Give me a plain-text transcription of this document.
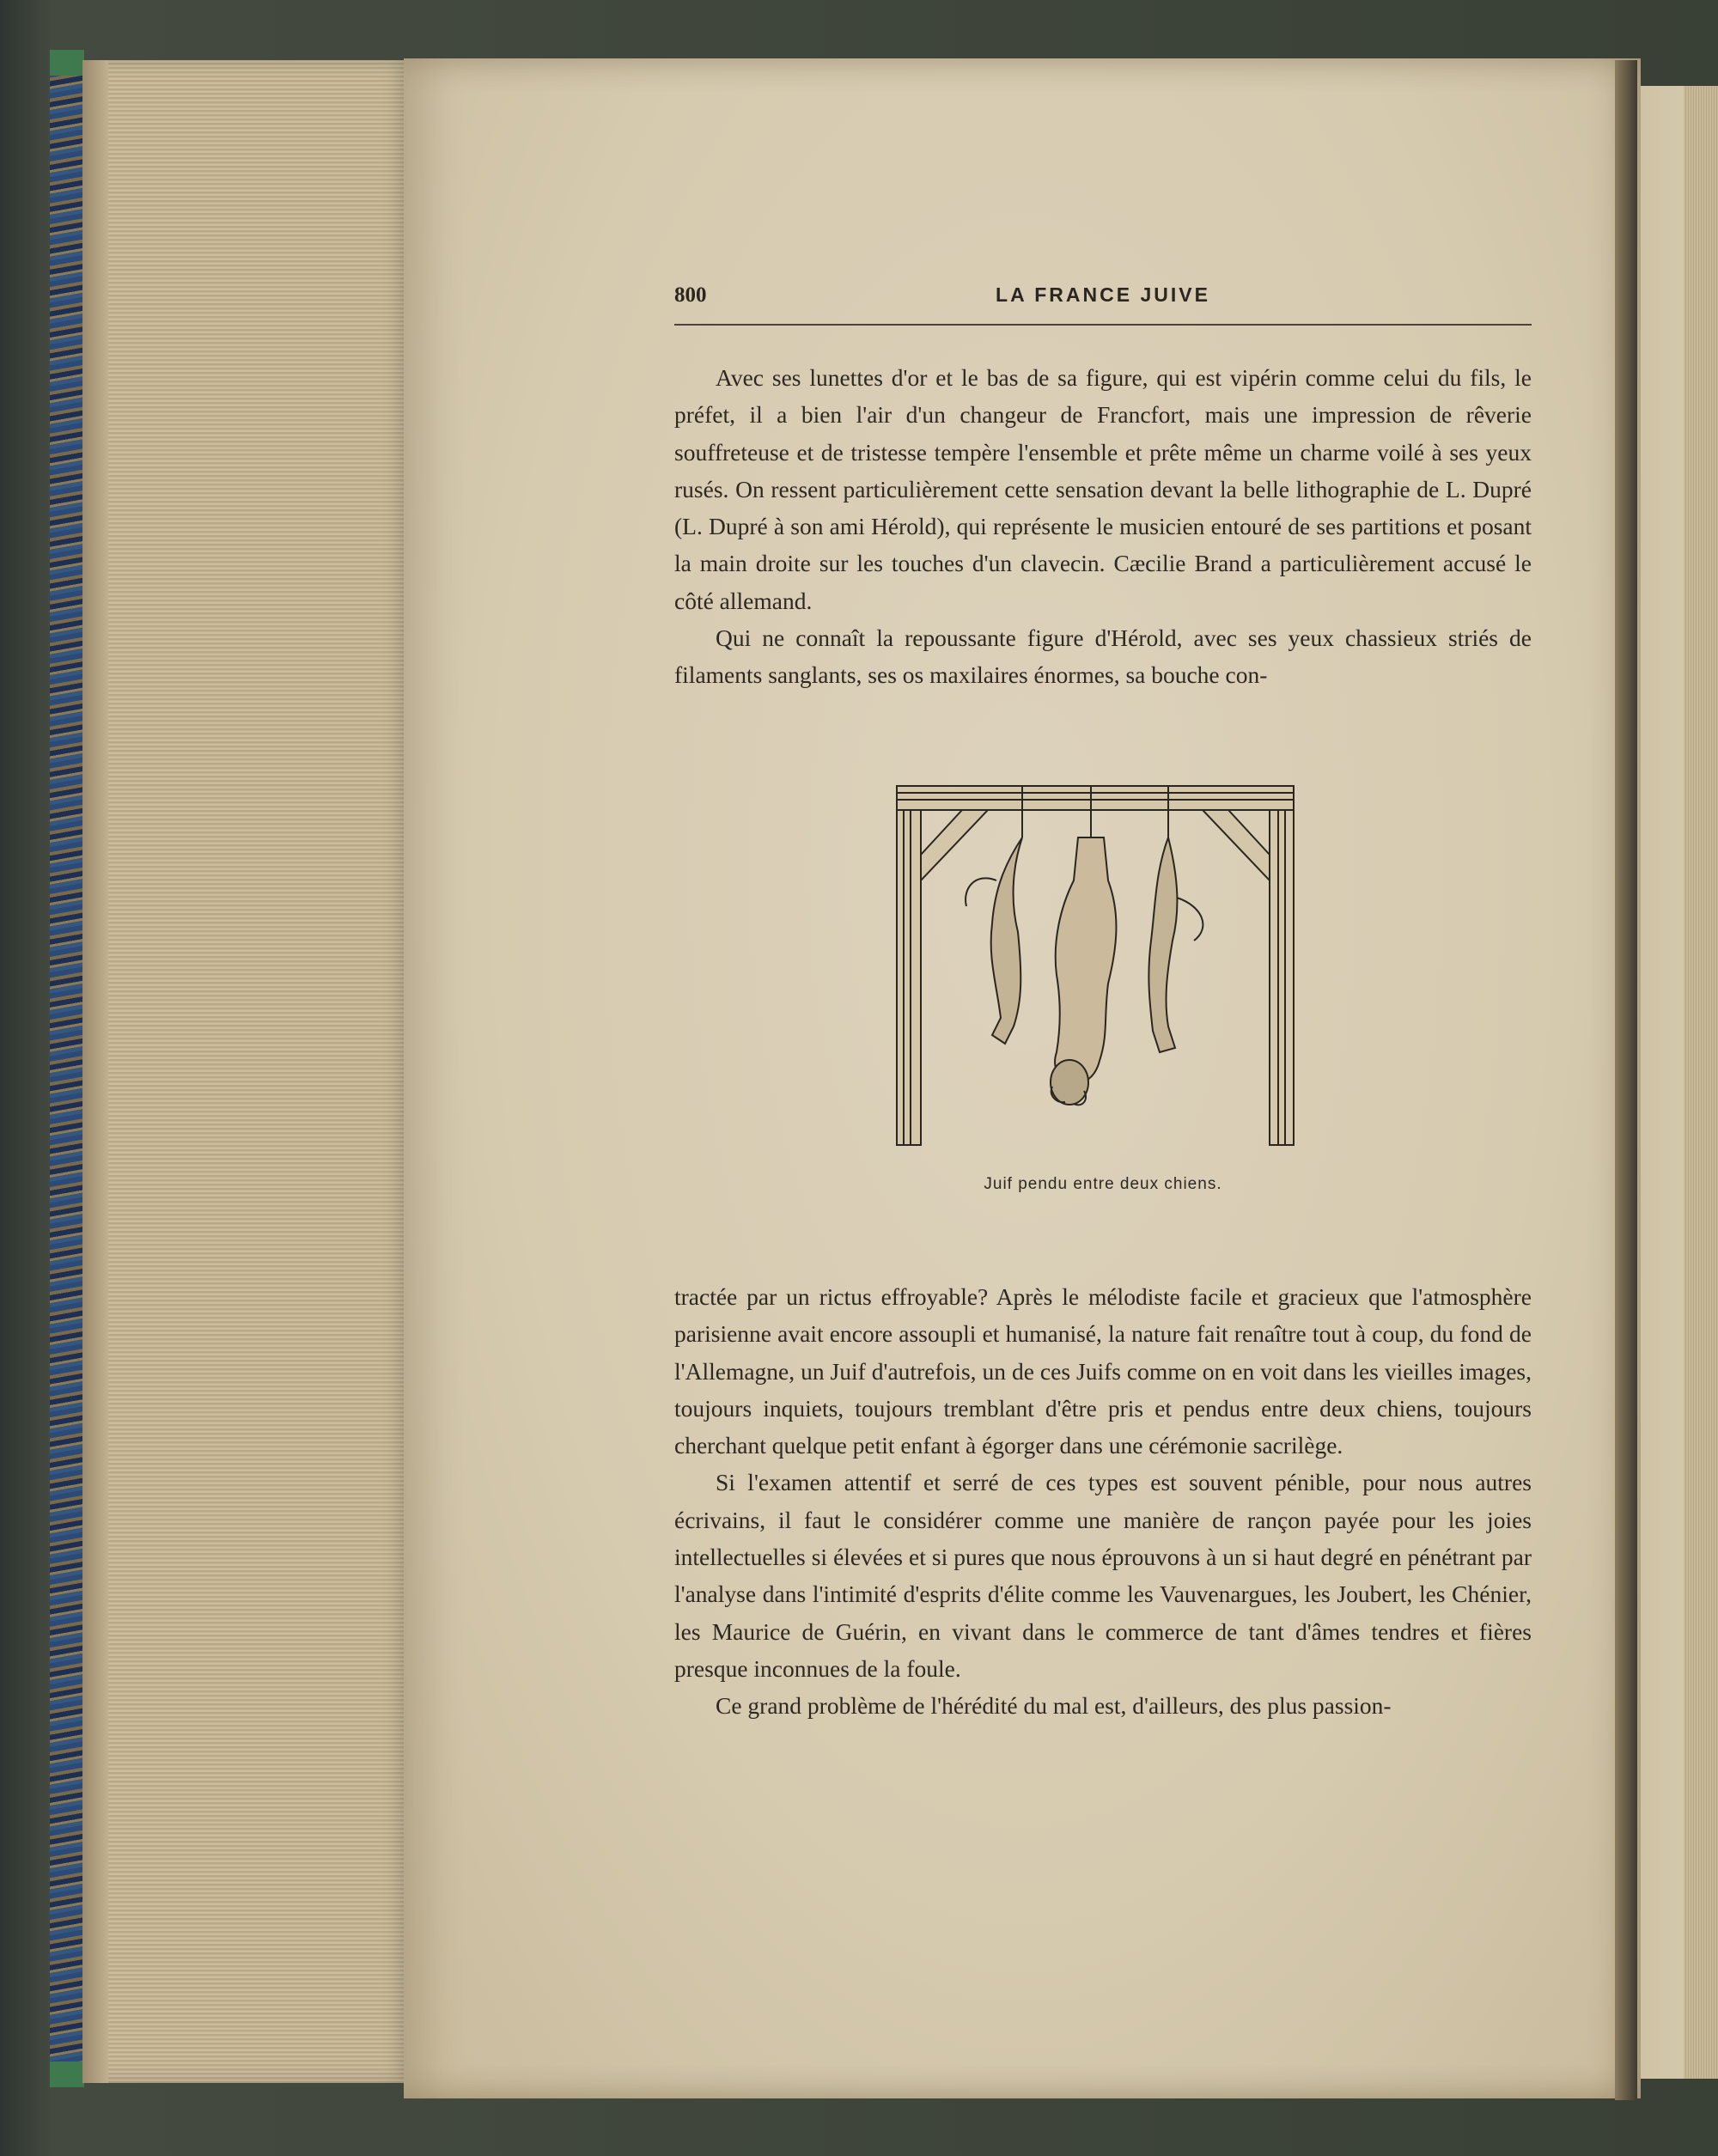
800	LA FRANCE JUIVE

Avec ses lunettes d'or et le bas de sa figure, qui est vipérin comme celui du fils, le préfet, il a bien l'air d'un changeur de Francfort, mais une impression de rêverie souffreteuse et de tristesse tempère l'ensemble et prête même un charme voilé à ses yeux rusés. On ressent particulièrement cette sensation devant la belle lithographie de L. Dupré (L. Dupré à son ami Hérold), qui représente le musicien entouré de ses partitions et posant la main droite sur les touches d'un clavecin. Cæcilie Brand a particulièrement accusé le côté allemand.

Qui ne connaît la repoussante figure d'Hérold, avec ses yeux chassieux striés de filaments sanglants, ses os maxilaires énormes, sa bouche con-

Juif pendu entre deux chiens.

tractée par un rictus effroyable? Après le mélodiste facile et gracieux que l'atmosphère parisienne avait encore assoupli et humanisé, la nature fait renaître tout à coup, du fond de l'Allemagne, un Juif d'autrefois, un de ces Juifs comme on en voit dans les vieilles images, toujours inquiets, toujours tremblant d'être pris et pendus entre deux chiens, toujours cherchant quelque petit enfant à égorger dans une cérémonie sacrilège.

Si l'examen attentif et serré de ces types est souvent pénible, pour nous autres écrivains, il faut le considérer comme une manière de rançon payée pour les joies intellectuelles si élevées et si pures que nous éprouvons à un si haut degré en pénétrant par l'analyse dans l'intimité d'esprits d'élite comme les Vauvenargues, les Joubert, les Chénier, les Maurice de Guérin, en vivant dans le commerce de tant d'âmes tendres et fières presque inconnues de la foule.

Ce grand problème de l'hérédité du mal est, d'ailleurs, des plus passion-
